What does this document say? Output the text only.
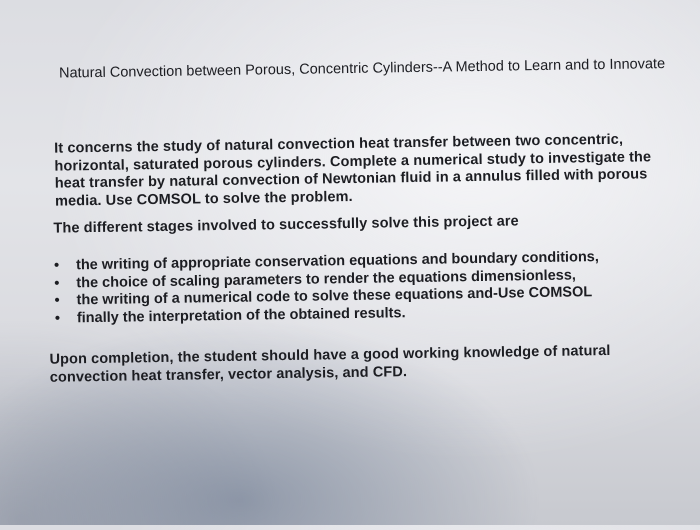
Natural Convection between Porous, Concentric Cylinders--A Method to Learn and to Innovate

It concerns the study of natural convection heat transfer between two concentric, horizontal, saturated porous cylinders. Complete a numerical study to investigate the heat transfer by natural convection of Newtonian fluid in a annulus filled with porous media. Use COMSOL to solve the problem.

The different stages involved to successfully solve this project are

• the writing of appropriate conservation equations and boundary conditions,
• the choice of scaling parameters to render the equations dimensionless,
• the writing of a numerical code to solve these equations and-Use COMSOL
• finally the interpretation of the obtained results.

Upon completion, the student should have a good working knowledge of natural convection heat transfer, vector analysis, and CFD.
